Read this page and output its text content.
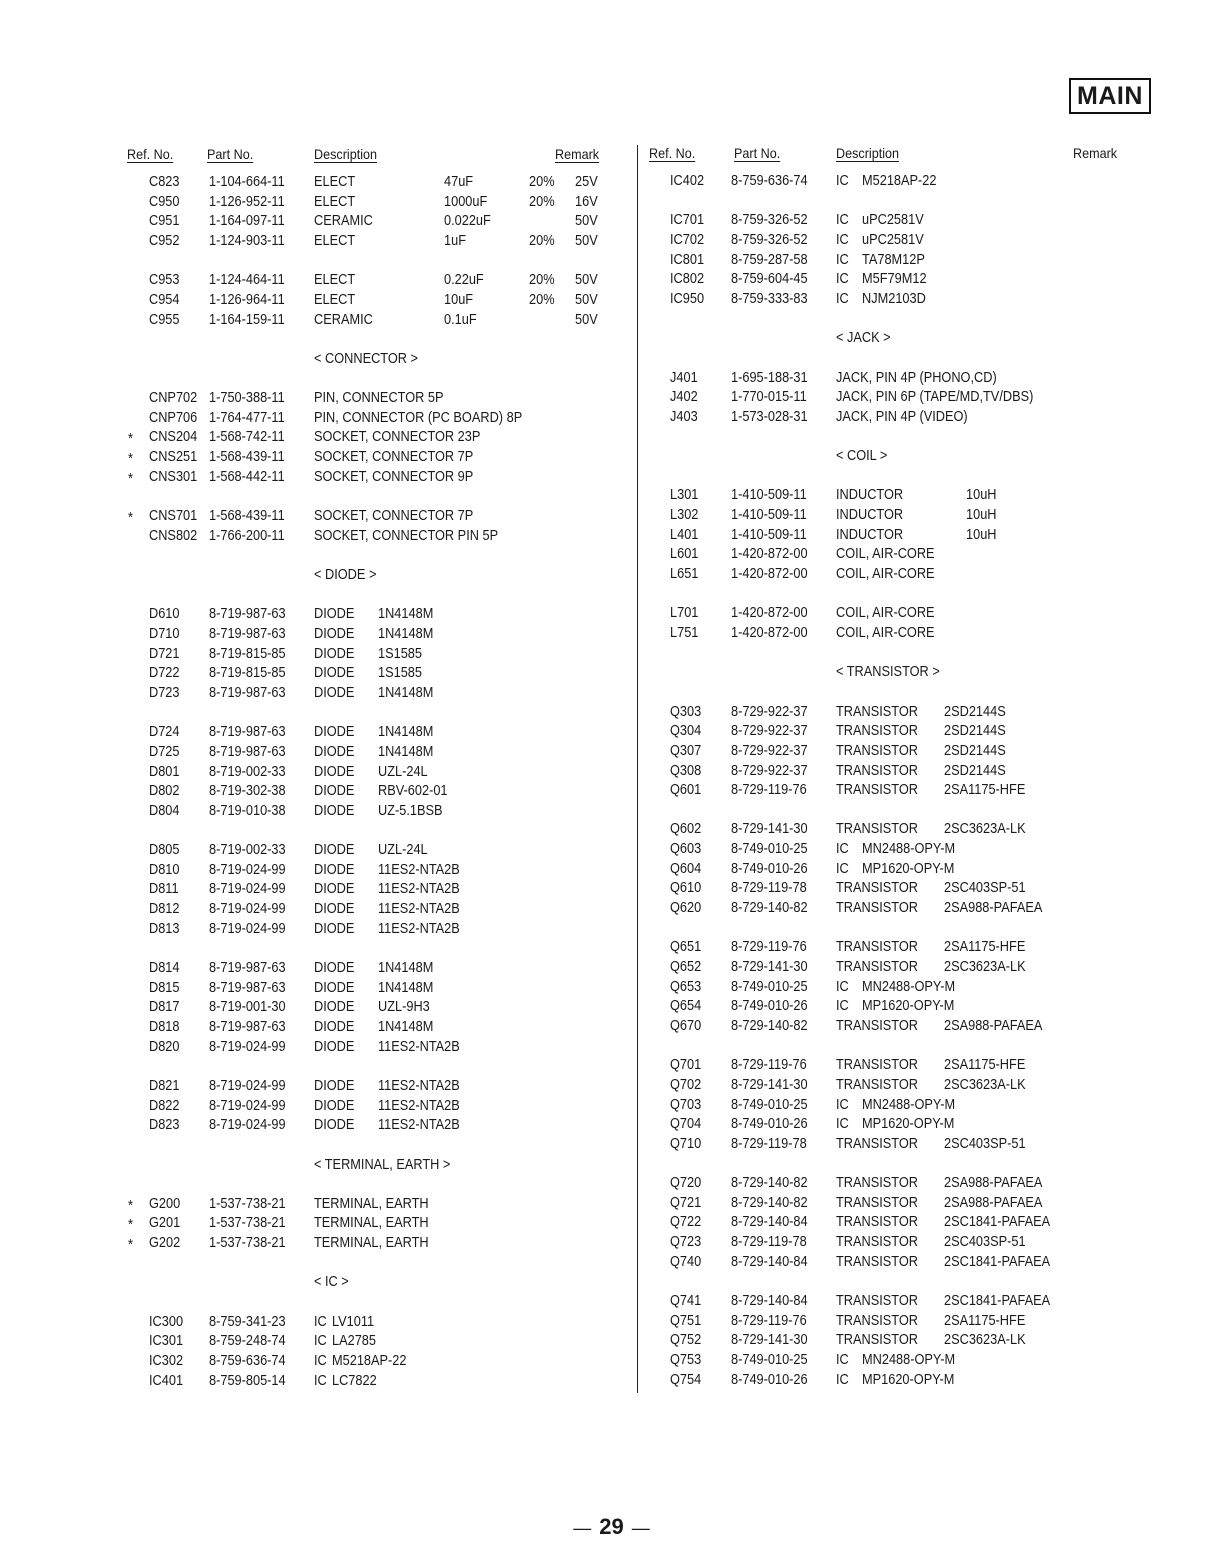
MAIN
Ref. No. Part No.	Description	Remark	Ref. No.	Part No.	Description	Remark
C823 1-104-664-11 ELECT	47uF	20% 25V
C950 1-126-952-11 ELECT	1000uF	20% 16V
C951 1-164-097-11 CERAMIC	0.022uF	50V
C952 1-124-903-11 ELECT	1uF	20% 50V
C953 1-124-464-11 ELECT	0.22uF	20% 50V
C954 1-126-964-11 ELECT	10uF	20% 50V
C955 1-164-159-11 CERAMIC	0.1uF	50V
< CONNECTOR >
CNP702 1-750-388-11 PIN, CONNECTOR 5P
CNP706 1-764-477-11 PIN, CONNECTOR (PC BOARD) 8P
* CNS204 1-568-742-11 SOCKET, CONNECTOR 23P
* CNS251 1-568-439-11 SOCKET, CONNECTOR 7P
* CNS301 1-568-442-11 SOCKET, CONNECTOR 9P
* CNS701 1-568-439-11 SOCKET, CONNECTOR 7P
CNS802 1-766-200-11 SOCKET, CONNECTOR PIN 5P
< DIODE >
D610 8-719-987-63 DIODE 1N4148M
D710 8-719-987-63 DIODE 1N4148M
D721 8-719-815-85 DIODE 1S1585
D722 8-719-815-85 DIODE 1S1585
D723 8-719-987-63 DIODE 1N4148M
D724 8-719-987-63 DIODE 1N4148M
D725 8-719-987-63 DIODE 1N4148M
D801 8-719-002-33 DIODE UZL-24L
D802 8-719-302-38 DIODE RBV-602-01
D804 8-719-010-38 DIODE UZ-5.1BSB
D805 8-719-002-33 DIODE UZL-24L
D810 8-719-024-99 DIODE 11ES2-NTA2B
D811 8-719-024-99 DIODE 11ES2-NTA2B
D812 8-719-024-99 DIODE 11ES2-NTA2B
D813 8-719-024-99 DIODE 11ES2-NTA2B
D814 8-719-987-63 DIODE 1N4148M
D815 8-719-987-63 DIODE 1N4148M
D817 8-719-001-30 DIODE UZL-9H3
D818 8-719-987-63 DIODE 1N4148M
D820 8-719-024-99 DIODE 11ES2-NTA2B
D821 8-719-024-99 DIODE 11ES2-NTA2B
D822 8-719-024-99 DIODE 11ES2-NTA2B
D823 8-719-024-99 DIODE 11ES2-NTA2B
< TERMINAL, EARTH >
* G200 1-537-738-21 TERMINAL, EARTH
* G201 1-537-738-21 TERMINAL, EARTH
* G202 1-537-738-21 TERMINAL, EARTH
< IC >
IC300 8-759-341-23 IC LV1011
IC301 8-759-248-74 IC LA2785
IC302 8-759-636-74 IC M5218AP-22
IC401 8-759-805-14 IC LC7822
IC402 8-759-636-74 IC M5218AP-22
IC701 8-759-326-52 IC uPC2581V
IC702 8-759-326-52 IC uPC2581V
IC801 8-759-287-58 IC TA78M12P
IC802 8-759-604-45 IC M5F79M12
IC950 8-759-333-83 IC NJM2103D
< JACK >
J401 1-695-188-31 JACK, PIN 4P (PHONO,CD)
J402 1-770-015-11 JACK, PIN 6P (TAPE/MD,TV/DBS)
J403 1-573-028-31 JACK, PIN 4P (VIDEO)
< COIL >
L301 1-410-509-11 INDUCTOR	10uH
L302 1-410-509-11 INDUCTOR	10uH
L401 1-410-509-11 INDUCTOR	10uH
L601 1-420-872-00 COIL, AIR-CORE
L651 1-420-872-00 COIL, AIR-CORE
L701 1-420-872-00 COIL, AIR-CORE
L751 1-420-872-00 COIL, AIR-CORE
< TRANSISTOR >
Q303 8-729-922-37 TRANSISTOR 2SD2144S
Q304 8-729-922-37 TRANSISTOR 2SD2144S
Q307 8-729-922-37 TRANSISTOR 2SD2144S
Q308 8-729-922-37 TRANSISTOR 2SD2144S
Q601 8-729-119-76 TRANSISTOR 2SA1175-HFE
Q602 8-729-141-30 TRANSISTOR 2SC3623A-LK
Q603 8-749-010-25 IC MN2488-OPY-M
Q604 8-749-010-26 IC MP1620-OPY-M
Q610 8-729-119-78 TRANSISTOR 2SC403SP-51
Q620 8-729-140-82 TRANSISTOR 2SA988-PAFAEA
Q651 8-729-119-76 TRANSISTOR 2SA1175-HFE
Q652 8-729-141-30 TRANSISTOR 2SC3623A-LK
Q653 8-749-010-25 IC MN2488-OPY-M
Q654 8-749-010-26 IC MP1620-OPY-M
Q670 8-729-140-82 TRANSISTOR 2SA988-PAFAEA
Q701 8-729-119-76 TRANSISTOR 2SA1175-HFE
Q702 8-729-141-30 TRANSISTOR 2SC3623A-LK
Q703 8-749-010-25 IC MN2488-OPY-M
Q704 8-749-010-26 IC MP1620-OPY-M
Q710 8-729-119-78 TRANSISTOR 2SC403SP-51
Q720 8-729-140-82 TRANSISTOR 2SA988-PAFAEA
Q721 8-729-140-82 TRANSISTOR 2SA988-PAFAEA
Q722 8-729-140-84 TRANSISTOR 2SC1841-PAFAEA
Q723 8-729-119-78 TRANSISTOR 2SC403SP-51
Q740 8-729-140-84 TRANSISTOR 2SC1841-PAFAEA
Q741 8-729-140-84 TRANSISTOR 2SC1841-PAFAEA
Q751 8-729-119-76 TRANSISTOR 2SA1175-HFE
Q752 8-729-141-30 TRANSISTOR 2SC3623A-LK
Q753 8-749-010-25 IC MN2488-OPY-M
Q754 8-749-010-26 IC MP1620-OPY-M
— 29 —
